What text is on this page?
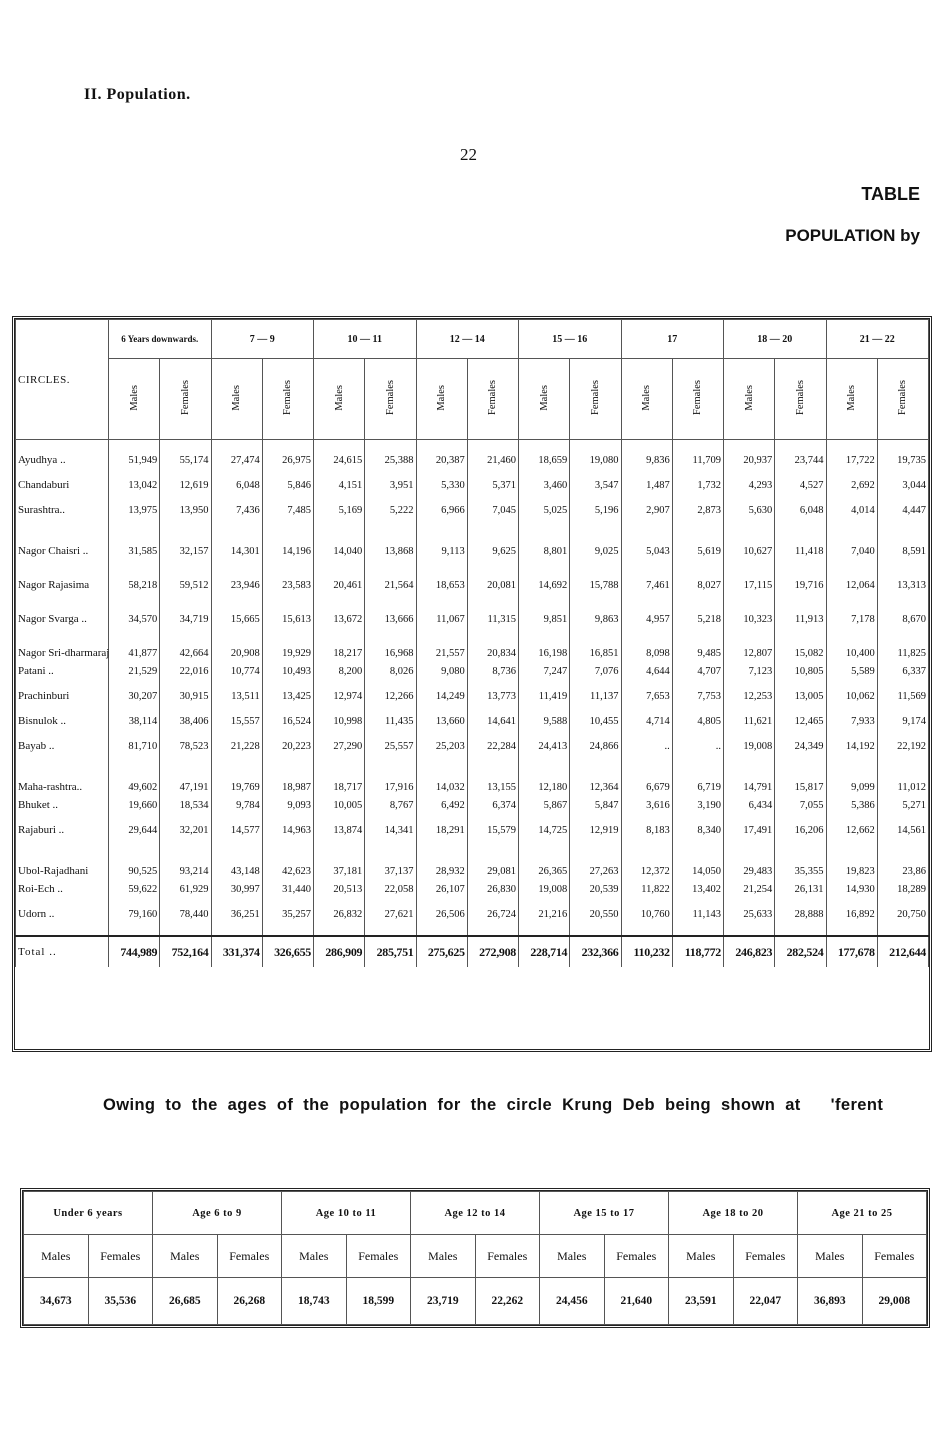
II. Population.
22
TABLE
POPULATION by
CIRCLES.	6 Years downwards.		7 — 9		10 — 11		12 — 14		15 — 16		17		18 — 20		21 — 22	
	Males	Females	Males	Females	Males	Females	Males	Females	Males	Females	Males	Females	Males	Females	Males	Females

Ayudhya ..	51,949	55,174	27,474	26,975	24,615	25,388	20,387	21,460	18,659	19,080	9,836	11,709	20,937	23,744	17,722	19,735
Chandaburi	13,042	12,619	6,048	5,846	4,151	3,951	5,330	5,371	3,460	3,547	1,487	1,732	4,293	4,527	2,692	3,044
Surashtra..	13,975	13,950	7,436	7,485	5,169	5,222	6,966	7,045	5,025	5,196	2,907	2,873	5,630	6,048	4,014	4,447
Nagor Chaisri ..	31,585	32,157	14,301	14,196	14,040	13,868	9,113	9,625	8,801	9,025	5,043	5,619	10,627	11,418	7,040	8,591
Nagor Rajasima	58,218	59,512	23,946	23,583	20,461	21,564	18,653	20,081	14,692	15,788	7,461	8,027	17,115	19,716	12,064	13,313
Nagor Svarga ..	34,570	34,719	15,665	15,613	13,672	13,666	11,067	11,315	9,851	9,863	4,957	5,218	10,323	11,913	7,178	8,670
Nagor Sri-dharmaraj	41,877	42,664	20,908	19,929	18,217	16,968	21,557	20,834	16,198	16,851	8,098	9,485	12,807	15,082	10,400	11,825
Patani ..	21,529	22,016	10,774	10,493	8,200	8,026	9,080	8,736	7,247	7,076	4,644	4,707	7,123	10,805	5,589	6,337
Prachinburi	30,207	30,915	13,511	13,425	12,974	12,266	14,249	13,773	11,419	11,137	7,653	7,753	12,253	13,005	10,062	11,569
Bisnulok ..	38,114	38,406	15,557	16,524	10,998	11,435	13,660	14,641	9,588	10,455	4,714	4,805	11,621	12,465	7,933	9,174
Bayab ..	81,710	78,523	21,228	20,223	27,290	25,557	25,203	22,284	24,413	24,866	..	..	19,008	24,349	14,192	22,192
Maha-rashtra..	49,602	47,191	19,769	18,987	18,717	17,916	14,032	13,155	12,180	12,364	6,679	6,719	14,791	15,817	9,099	11,012
Bhuket ..	19,660	18,534	9,784	9,093	10,005	8,767	6,492	6,374	5,867	5,847	3,616	3,190	6,434	7,055	5,386	5,271
Rajaburi ..	29,644	32,201	14,577	14,963	13,874	14,341	18,291	15,579	14,725	12,919	8,183	8,340	17,491	16,206	12,662	14,561
Ubol-Rajadhani	90,525	93,214	43,148	42,623	37,181	37,137	28,932	29,081	26,365	27,263	12,372	14,050	29,483	35,355	19,823	23,86
Roi-Ech ..	59,622	61,929	30,997	31,440	20,513	22,058	26,107	26,830	19,008	20,539	11,822	13,402	21,254	26,131	14,930	18,289
Udorn ..	79,160	78,440	36,251	35,257	26,832	27,621	26,506	26,724	21,216	20,550	10,760	11,143	25,633	28,888	16,892	20,750

Total ..	744,989	752,164	331,374	326,655	286,909	285,751	275,625	272,908	228,714	232,366	110,232	118,772	246,823	282,524	177,678	212,644
Owing to the ages of the population for the circle Krung Deb being shown at 'ferent
Under 6 years		Age 6 to 9		Age 10 to 11		Age 12 to 14		Age 15 to 17		Age 18 to 20		Age 21 to 25	
Males	Females	Males	Females	Males	Females	Males	Females	Males	Females	Males	Females	Males	Females
34,673	35,536	26,685	26,268	18,743	18,599	23,719	22,262	24,456	21,640	23,591	22,047	36,893	29,008
